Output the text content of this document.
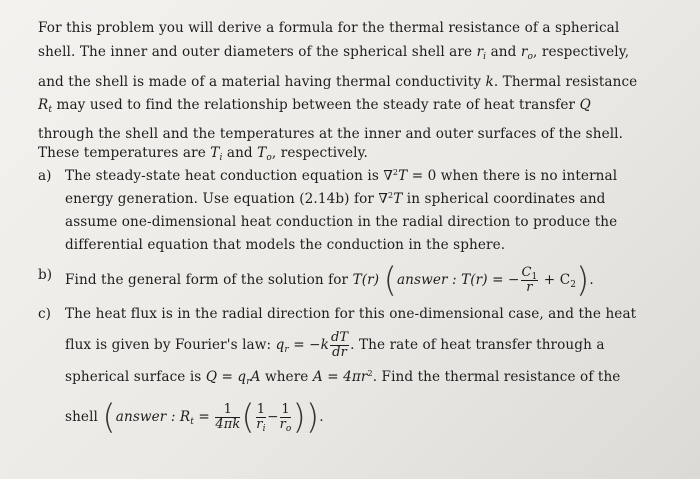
For this problem you will derive a formula for the thermal resistance of a spherical
shell. The inner and outer diameters of the spherical shell are $r_i$ and $r_o$, respectively,
and the shell is made of a material having thermal conductivity k. Thermal resistance
$R_t$ may used to find the relationship between the steady rate of heat transfer Q
through the shell and the temperatures at the inner and outer surfaces of the shell.
These temperatures are $T_i$ and $T_o$, respectively.
a) The steady-state heat conduction equation is ∇$^2$T = 0 when there is no internal
energy generation. Use equation (2.14b) for ∇$^2$T in spherical coordinates and
assume one-dimensional heat conduction in the radial direction to produce the
differential equation that models the conduction in the sphere.
b) Find the general form of the solution for T(r) (answer : T(r) = − $\frac{C_1}{r} + C_2$).
c) The heat flux is in the radial direction for this one-dimensional case, and the heat
flux is given by Fourier's law: $q_r = -k \frac{dT}{dr}$ . The rate of heat transfer through a
spherical surface is $Q = q_rA$ where $A = 4\pi r^2$. Find the thermal resistance of the
shell (answer : $R_t = \frac{1}{4\pi k}$ ( $\frac{1}{r_i} - \frac{1}{r_o}$ )).
